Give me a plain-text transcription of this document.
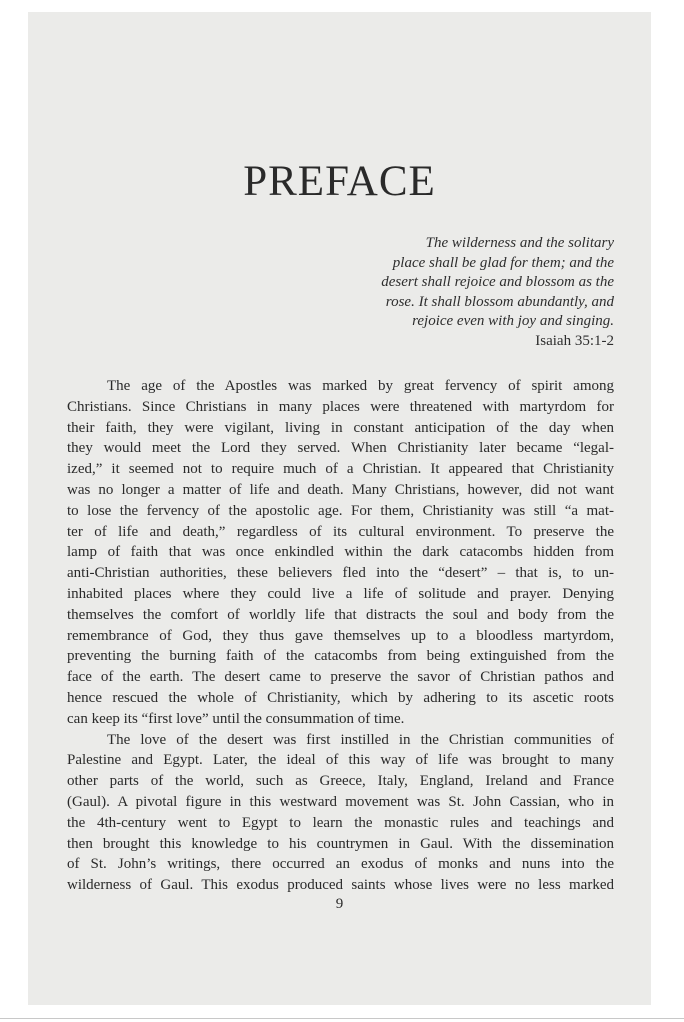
PREFACE
The wilderness and the solitary
place shall be glad for them; and the
desert shall rejoice and blossom as the
rose. It shall blossom abundantly, and
rejoice even with joy and singing.
Isaiah 35:1-2
The age of the Apostles was marked by great fervency of spirit among
Christians. Since Christians in many places were threatened with martyrdom for
their faith, they were vigilant, living in constant anticipation of the day when
they would meet the Lord they served. When Christianity later became “legal-
ized,” it seemed not to require much of a Christian. It appeared that Christianity
was no longer a matter of life and death. Many Christians, however, did not want
to lose the fervency of the apostolic age. For them, Christianity was still “a mat-
ter of life and death,” regardless of its cultural environment. To preserve the
lamp of faith that was once enkindled within the dark catacombs hidden from
anti-Christian authorities, these believers fled into the “desert” – that is, to un-
inhabited places where they could live a life of solitude and prayer. Denying
themselves the comfort of worldly life that distracts the soul and body from the
remembrance of God, they thus gave themselves up to a bloodless martyrdom,
preventing the burning faith of the catacombs from being extinguished from the
face of the earth. The desert came to preserve the savor of Christian pathos and
hence rescued the whole of Christianity, which by adhering to its ascetic roots
can keep its “first love” until the consummation of time.
The love of the desert was first instilled in the Christian communities of
Palestine and Egypt. Later, the ideal of this way of life was brought to many
other parts of the world, such as Greece, Italy, England, Ireland and France
(Gaul). A pivotal figure in this westward movement was St. John Cassian, who in
the 4th-century went to Egypt to learn the monastic rules and teachings and
then brought this knowledge to his countrymen in Gaul. With the dissemination
of St. John’s writings, there occurred an exodus of monks and nuns into the
wilderness of Gaul. This exodus produced saints whose lives were no less marked
9
